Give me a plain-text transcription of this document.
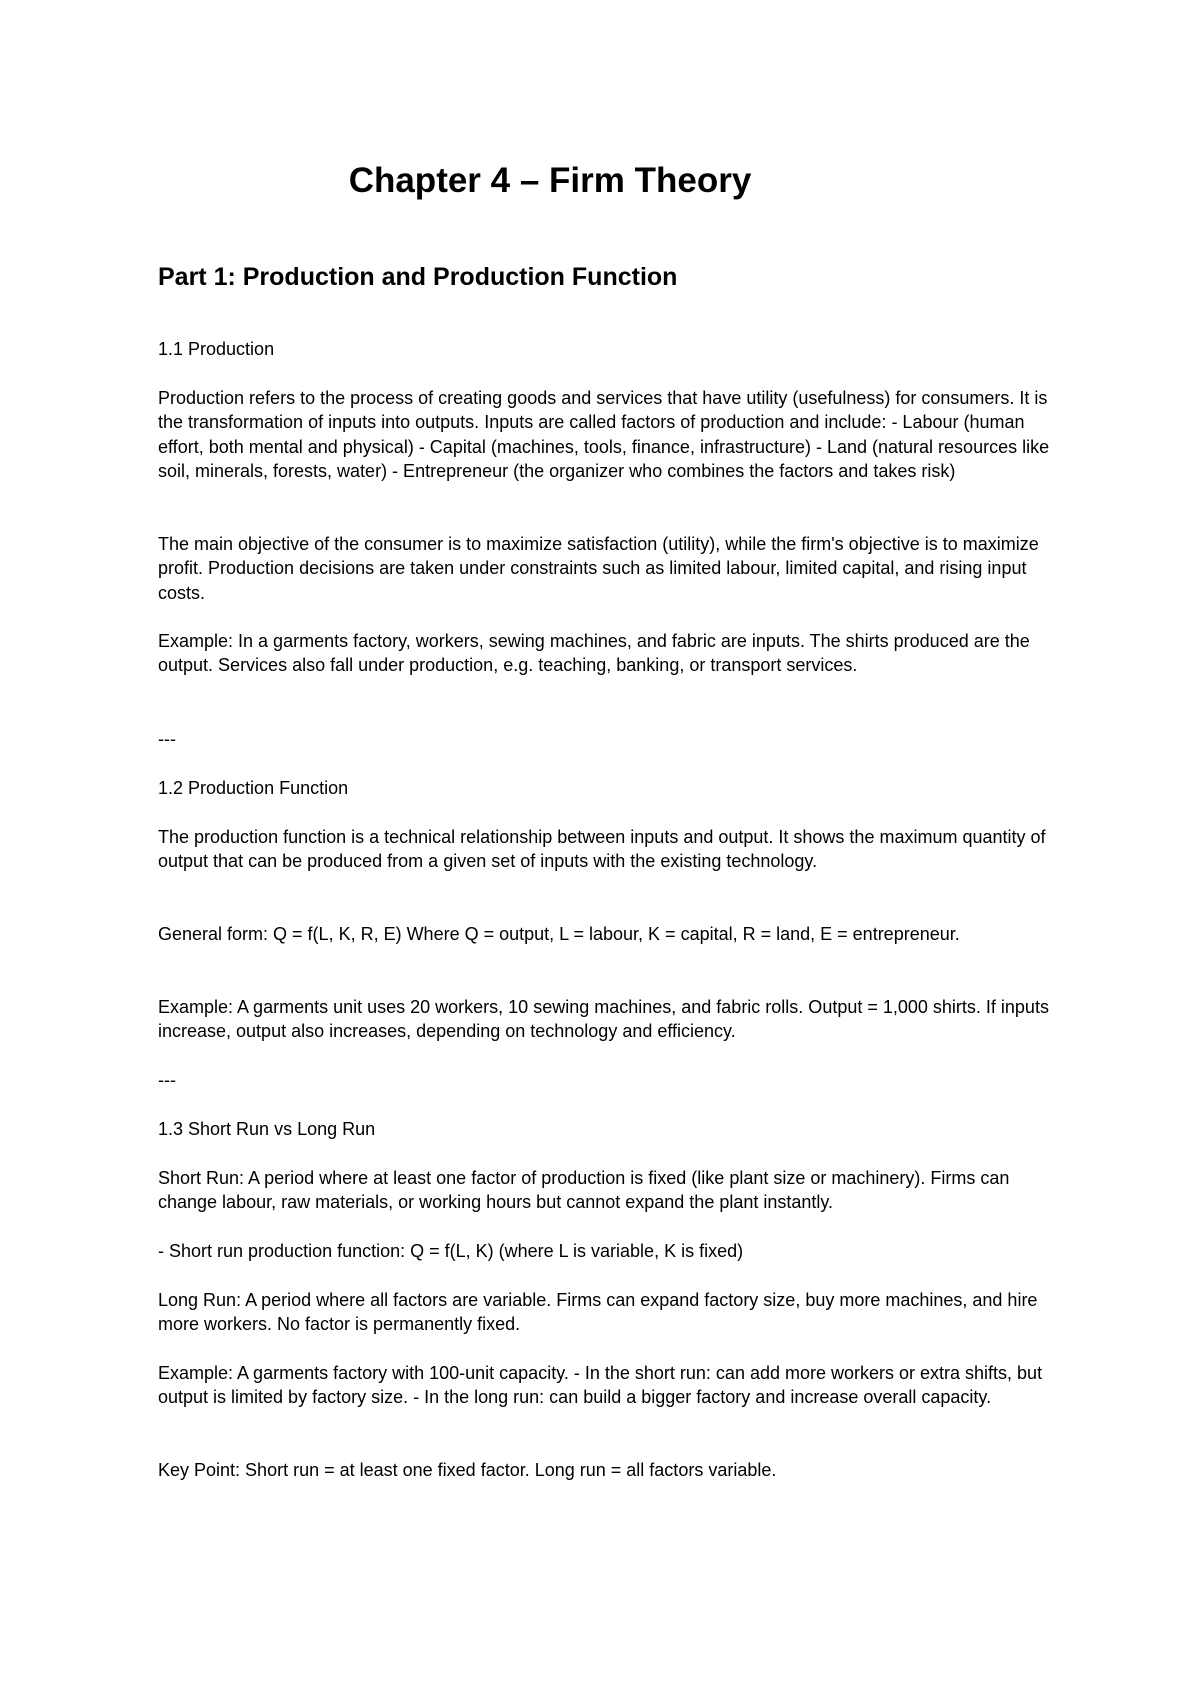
Chapter 4 – Firm Theory
Part 1: Production and Production Function

1.1 Production

Production refers to the process of creating goods and services that have utility (usefulness) for consumers. It is the transformation of inputs into outputs. Inputs are called factors of production and include: - Labour (human effort, both mental and physical) - Capital (machines, tools, finance, infrastructure) - Land (natural resources like soil, minerals, forests, water) - Entrepreneur (the organizer who combines the factors and takes risk)

The main objective of the consumer is to maximize satisfaction (utility), while the firm's objective is to maximize profit. Production decisions are taken under constraints such as limited labour, limited capital, and rising input costs.

Example: In a garments factory, workers, sewing machines, and fabric are inputs. The shirts produced are the output. Services also fall under production, e.g. teaching, banking, or transport services.

---

1.2 Production Function

The production function is a technical relationship between inputs and output. It shows the maximum quantity of output that can be produced from a given set of inputs with the existing technology.

General form: Q = f(L, K, R, E) Where Q = output, L = labour, K = capital, R = land, E = entrepreneur.

Example: A garments unit uses 20 workers, 10 sewing machines, and fabric rolls. Output = 1,000 shirts. If inputs increase, output also increases, depending on technology and efficiency.

---

1.3 Short Run vs Long Run

Short Run: A period where at least one factor of production is fixed (like plant size or machinery). Firms can change labour, raw materials, or working hours but cannot expand the plant instantly.

- Short run production function: Q = f(L, K) (where L is variable, K is fixed)

Long Run: A period where all factors are variable. Firms can expand factory size, buy more machines, and hire more workers. No factor is permanently fixed.

Example: A garments factory with 100-unit capacity. - In the short run: can add more workers or extra shifts, but output is limited by factory size. - In the long run: can build a bigger factory and increase overall capacity.

Key Point: Short run = at least one fixed factor. Long run = all factors variable.
